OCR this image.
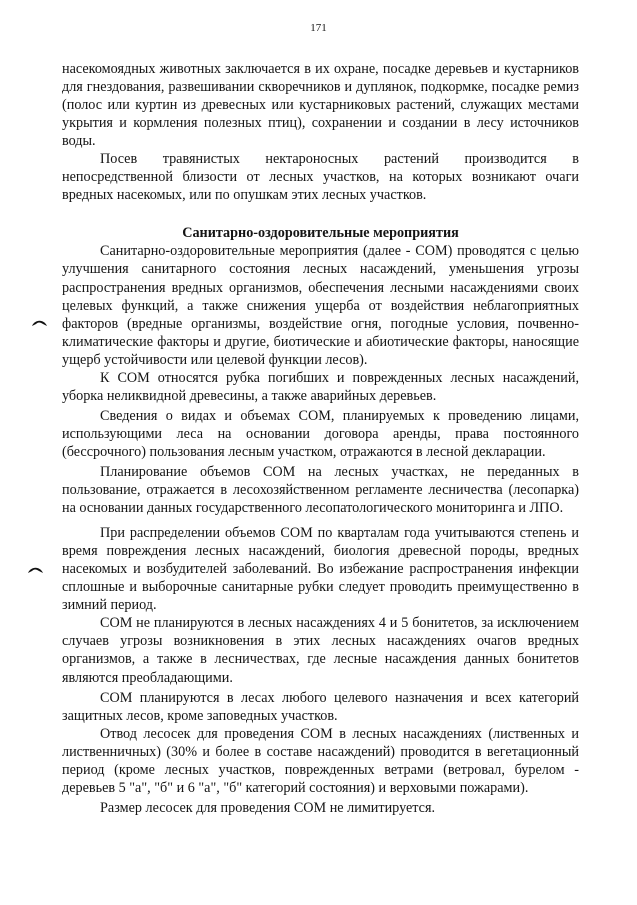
171

насекомоядных животных заключается в их охране, посадке деревьев и кустарников для гнездования, развешивании скворечников и дуплянок, подкормке, посадке ремиз (полос или куртин из древесных или кустарниковых растений, служащих местами укрытия и кормления полезных птиц), сохранении и создании в лесу источников воды.

Посев травянистых нектароносных растений производится в непосредственной близости от лесных участков, на которых возникают очаги вредных насекомых, или по опушкам этих лесных участков.

Санитарно-оздоровительные мероприятия

Санитарно-оздоровительные мероприятия (далее - СОМ) проводятся с целью улучшения санитарного состояния лесных насаждений, уменьшения угрозы распространения вредных организмов, обеспечения лесными насаждениями своих целевых функций, а также снижения ущерба от воздействия неблагоприятных факторов (вредные организмы, воздействие огня, погодные условия, почвенно-климатические факторы и другие, биотические и абиотические факторы, наносящие ущерб устойчивости или целевой функции лесов).

К СОМ относятся рубка погибших и поврежденных лесных насаждений, уборка неликвидной древесины, а также аварийных деревьев.

Сведения о видах и объемах СОМ, планируемых к проведению лицами, использующими леса на основании договора аренды, права постоянного (бессрочного) пользования лесным участком, отражаются в лесной декларации.

Планирование объемов СОМ на лесных участках, не переданных в пользование, отражается в лесохозяйственном регламенте лесничества (лесопарка) на основании данных государственного лесопатологического мониторинга и ЛПО.

При распределении объемов СОМ по кварталам года учитываются степень и время повреждения лесных насаждений, биология древесной породы, вредных насекомых и возбудителей заболеваний. Во избежание распространения инфекции сплошные и выборочные санитарные рубки следует проводить преимущественно в зимний период.

СОМ не планируются в лесных насаждениях 4 и 5 бонитетов, за исключением случаев угрозы возникновения в этих лесных насаждениях очагов вредных организмов, а также в лесничествах, где лесные насаждения данных бонитетов являются преобладающими.

СОМ планируются в лесах любого целевого назначения и всех категорий защитных лесов, кроме заповедных участков.

Отвод лесосек для проведения СОМ в лесных насаждениях (лиственных и лиственничных) (30% и более в составе насаждений) проводится в вегетационный период (кроме лесных участков, поврежденных ветрами (ветровал, бурелом - деревьев 5 "а", "б" и 6 "а", "б" категорий состояния) и верховыми пожарами).

Размер лесосек для проведения СОМ не лимитируется.
